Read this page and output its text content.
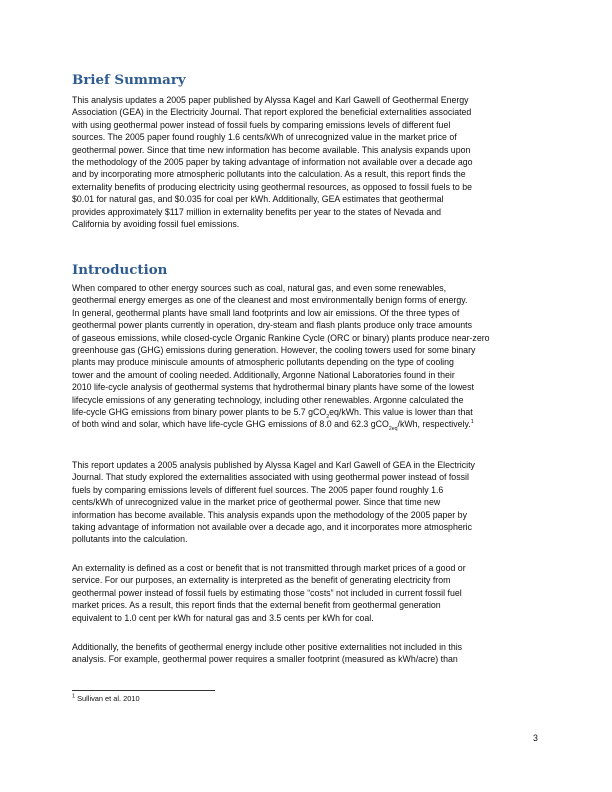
Brief Summary
This analysis updates a 2005 paper published by Alyssa Kagel and Karl Gawell of Geothermal Energy
Association (GEA) in the Electricity Journal. That report explored the beneficial externalities associated
with using geothermal power instead of fossil fuels by comparing emissions levels of different fuel
sources. The 2005 paper found roughly 1.6 cents/kWh of unrecognized value in the market price of
geothermal power. Since that time new information has become available. This analysis expands upon
the methodology of the 2005 paper by taking advantage of information not available over a decade ago
and by incorporating more atmospheric pollutants into the calculation. As a result, this report finds the
externality benefits of producing electricity using geothermal resources, as opposed to fossil fuels to be
$0.01 for natural gas, and $0.035 for coal per kWh. Additionally, GEA estimates that geothermal
provides approximately $117 million in externality benefits per year to the states of Nevada and
California by avoiding fossil fuel emissions.
Introduction
When compared to other energy sources such as coal, natural gas, and even some renewables,
geothermal energy emerges as one of the cleanest and most environmentally benign forms of energy.
In general, geothermal plants have small land footprints and low air emissions. Of the three types of
geothermal power plants currently in operation, dry-steam and flash plants produce only trace amounts
of gaseous emissions, while closed-cycle Organic Rankine Cycle (ORC or binary) plants produce near-zero
greenhouse gas (GHG) emissions during generation. However, the cooling towers used for some binary
plants may produce miniscule amounts of atmospheric pollutants depending on the type of cooling
tower and the amount of cooling needed. Additionally, Argonne National Laboratories found in their
2010 life-cycle analysis of geothermal systems that hydrothermal binary plants have some of the lowest
lifecycle emissions of any generating technology, including other renewables. Argonne calculated the
life-cycle GHG emissions from binary power plants to be 5.7 gCO$_2$eq/kWh. This value is lower than that
of both wind and solar, which have life-cycle GHG emissions of 8.0 and 62.3 gCO$_{2eq}$/kWh, respectively.$^1$
This report updates a 2005 analysis published by Alyssa Kagel and Karl Gawell of GEA in the Electricity
Journal. That study explored the externalities associated with using geothermal power instead of fossil
fuels by comparing emissions levels of different fuel sources. The 2005 paper found roughly 1.6
cents/kWh of unrecognized value in the market price of geothermal power. Since that time new
information has become available. This analysis expands upon the methodology of the 2005 paper by
taking advantage of information not available over a decade ago, and it incorporates more atmospheric
pollutants into the calculation.
An externality is defined as a cost or benefit that is not transmitted through market prices of a good or
service. For our purposes, an externality is interpreted as the benefit of generating electricity from
geothermal power instead of fossil fuels by estimating those “costs” not included in current fossil fuel
market prices. As a result, this report finds that the external benefit from geothermal generation
equivalent to 1.0 cent per kWh for natural gas and 3.5 cents per kWh for coal.
Additionally, the benefits of geothermal energy include other positive externalities not included in this
analysis. For example, geothermal power requires a smaller footprint (measured as kWh/acre) than
$^1$ Sullivan et al. 2010
3
